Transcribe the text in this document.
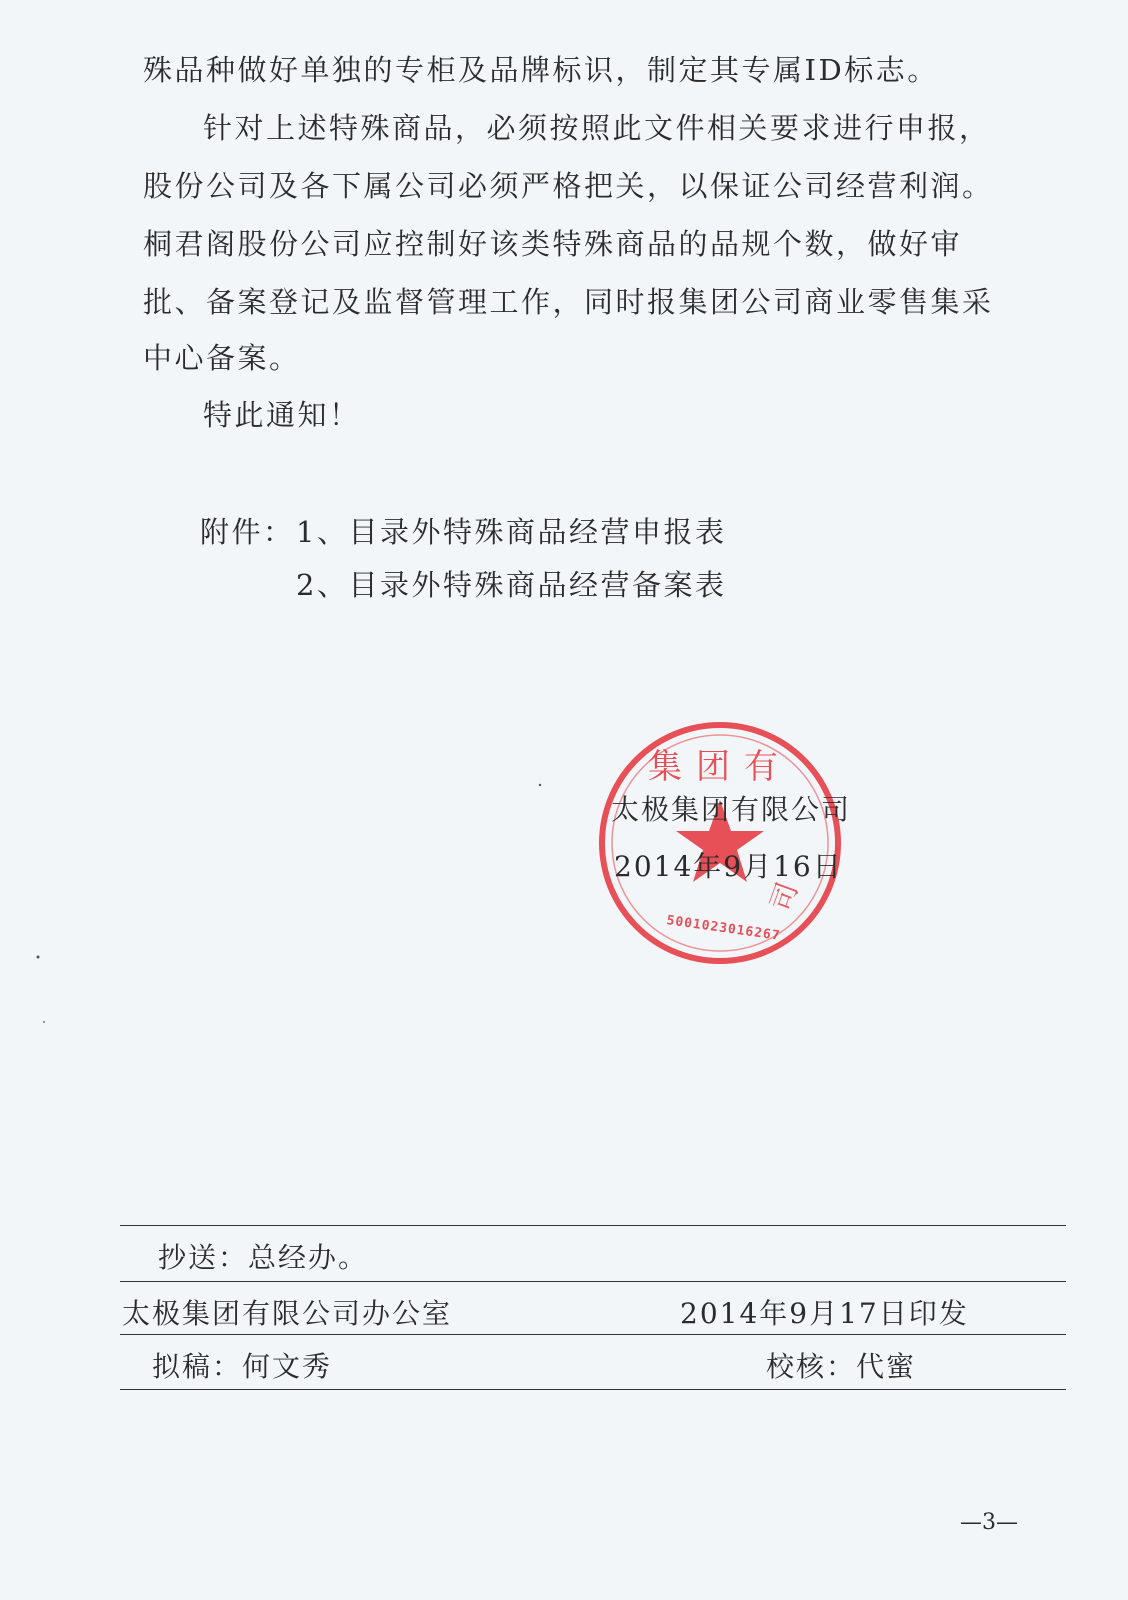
殊品种做好单独的专柜及品牌标识，制定其专属ID标志。
针对上述特殊商品，必须按照此文件相关要求进行申报，
股份公司及各下属公司必须严格把关，以保证公司经营利润。
桐君阁股份公司应控制好该类特殊商品的品规个数，做好审
批、备案登记及监督管理工作，同时报集团公司商业零售集采
中心备案。
特此通知！
附件： 1、目录外特殊商品经营申报表
2、目录外特殊商品经营备案表
集团有
司
5001023016267
太极集团有限公司
2014年9月16日
抄送：总经办。
太极集团有限公司办公室	2014年9月17日印发
拟稿：何文秀	校核：代蜜
—3—
